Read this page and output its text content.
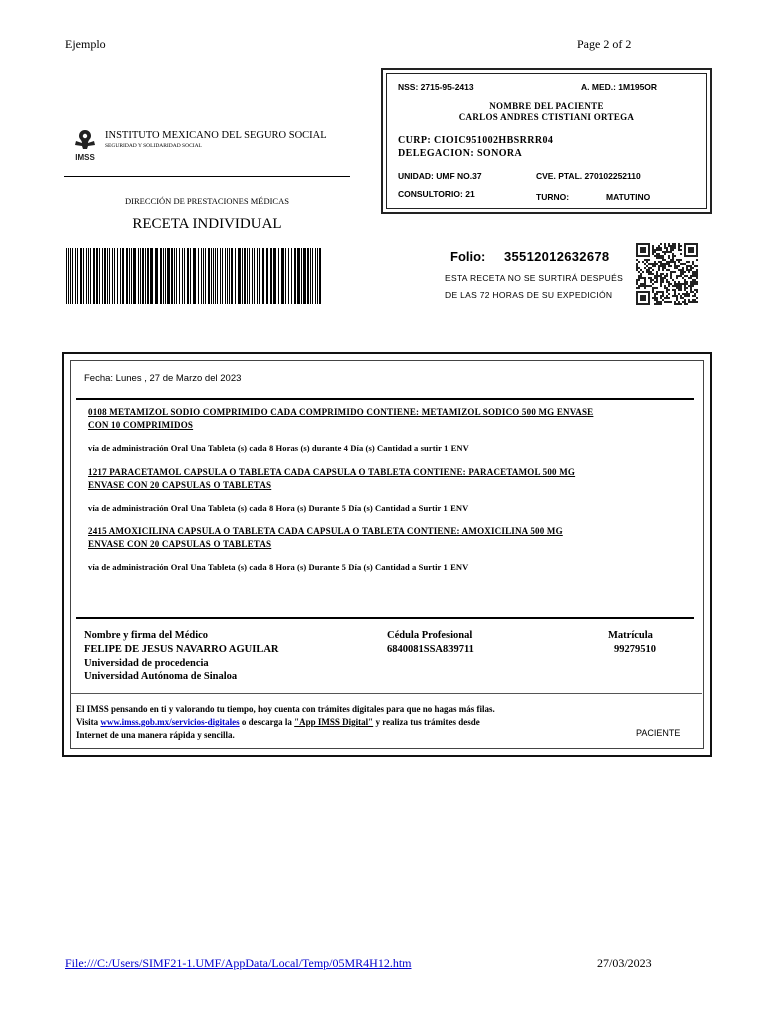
Ejemplo	Page 2 of 2
NSS: 2715-95-2413	A. MED.: 1M195OR
NOMBRE DEL PACIENTE
CARLOS ANDRES CTISTIANI ORTEGA
CURP: CIOIC951002HBSRRR04
DELEGACION: SONORA
UNIDAD: UMF NO.37	CVE. PTAL. 270102252110
CONSULTORIO: 21	TURNO:	MATUTINO
IMSS
INSTITUTO MEXICANO DEL SEGURO SOCIAL
SEGURIDAD Y SOLIDARIDAD SOCIAL
DIRECCIÓN DE PRESTACIONES MÉDICAS
RECETA INDIVIDUAL
Folio: 35512012632678
ESTA RECETA NO SE SURTIRÁ DESPUÉS
DE LAS 72 HORAS DE SU EXPEDICIÓN
Fecha: Lunes , 27 de Marzo del 2023
0108 METAMIZOL SODIO COMPRIMIDO CADA COMPRIMIDO CONTIENE: METAMIZOL SODICO 500 MG ENVASE
CON 10 COMPRIMIDOS
vía de administración Oral Una Tableta (s) cada 8 Horas (s) durante 4 Día (s) Cantidad a surtir 1 ENV
1217 PARACETAMOL CAPSULA O TABLETA CADA CAPSULA O TABLETA CONTIENE: PARACETAMOL 500 MG
ENVASE CON 20 CAPSULAS O TABLETAS
vía de administración Oral Una Tableta (s) cada 8 Hora (s) Durante 5 Día (s) Cantidad a Surtir 1 ENV
2415 AMOXICILINA CAPSULA O TABLETA CADA CAPSULA O TABLETA CONTIENE: AMOXICILINA 500 MG
ENVASE CON 20 CAPSULAS O TABLETAS
vía de administración Oral Una Tableta (s) cada 8 Hora (s) Durante 5 Día (s) Cantidad a Surtir 1 ENV
Nombre y firma del Médico
FELIPE DE JESUS NAVARRO AGUILAR
Universidad de procedencia
Universidad Autónoma de Sinaloa
Cédula Profesional
6840081SSA839711
Matrícula
99279510
El IMSS pensando en ti y valorando tu tiempo, hoy cuenta con trámites digitales para que no hagas más filas.
Visita www.imss.gob.mx/servicios-digitales o descarga la "App IMSS Digital" y realiza tus trámites desde
Internet de una manera rápida y sencilla.	PACIENTE
File:///C:/Users/SIMF21-1.UMF/AppData/Local/Temp/05MR4H12.htm	27/03/2023
